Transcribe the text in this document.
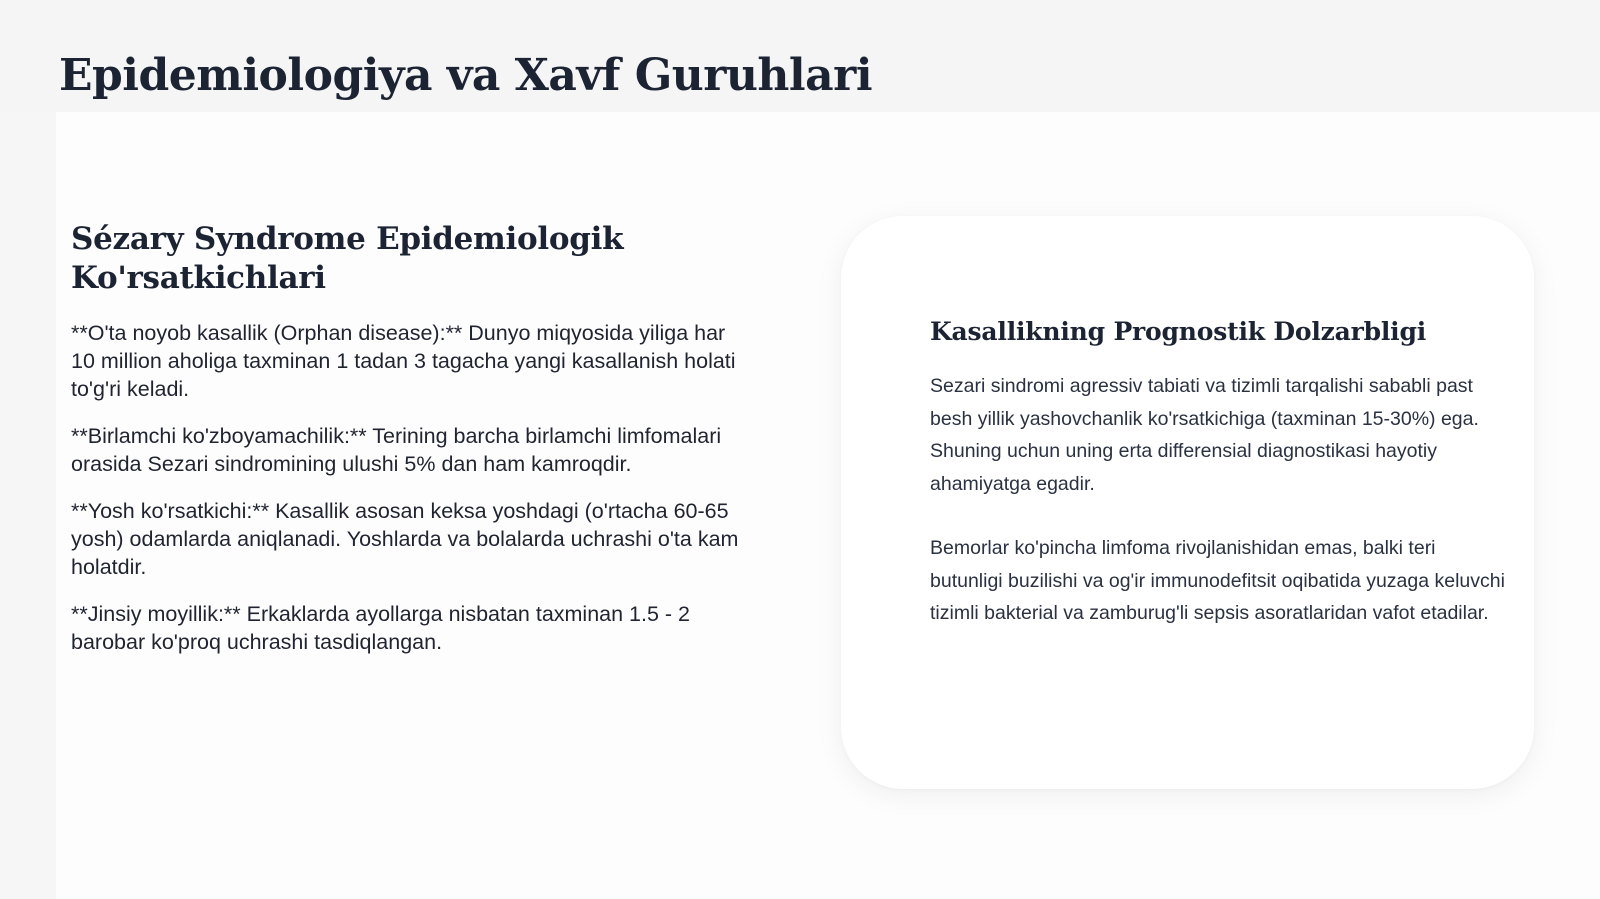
Epidemiologiya va Xavf Guruhlari
Sézary Syndrome Epidemiologik Ko'rsatkichlari

**O'ta noyob kasallik (Orphan disease):** Dunyo miqyosida yiliga har 10 million aholiga taxminan 1 tadan 3 tagacha yangi kasallanish holati to'g'ri keladi.

**Birlamchi ko'zboyamachilik:** Terining barcha birlamchi limfomalari orasida Sezari sindromining ulushi 5% dan ham kamroqdir.

**Yosh ko'rsatkichi:** Kasallik asosan keksa yoshdagi (o'rtacha 60-65 yosh) odamlarda aniqlanadi. Yoshlarda va bolalarda uchrashi o'ta kam holatdir.

**Jinsiy moyillik:** Erkaklarda ayollarga nisbatan taxminan 1.5 - 2 barobar ko'proq uchrashi tasdiqlangan.

Kasallikning Prognostik Dolzarbligi

Sezari sindromi agressiv tabiati va tizimli tarqalishi sababli past besh yillik yashovchanlik ko'rsatkichiga (taxminan 15-30%) ega. Shuning uchun uning erta differensial diagnostikasi hayotiy ahamiyatga egadir.

Bemorlar ko'pincha limfoma rivojlanishidan emas, balki teri butunligi buzilishi va og'ir immunodefitsit oqibatida yuzaga keluvchi tizimli bakterial va zamburug'li sepsis asoratlaridan vafot etadilar.
